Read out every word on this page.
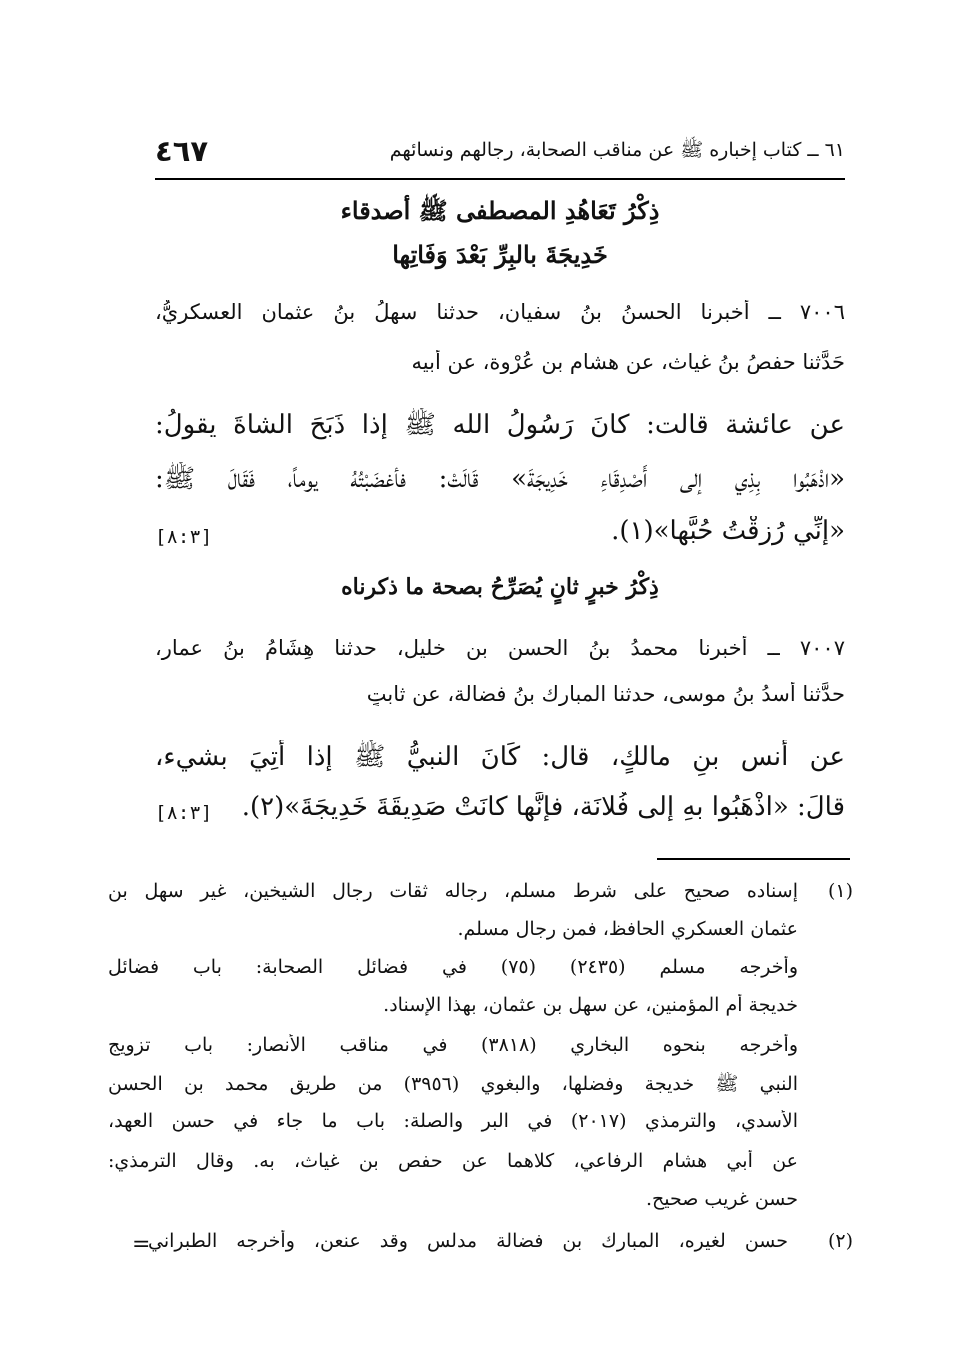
٤٦٧	٦١ ــ كتاب إخباره ﷺ عن مناقب الصحابة، رجالهم ونسائهم
ذِكْرُ تَعَاهُدِ المصطفى ﷺ أصدقاء
خَدِيجَةَ بالبِرِّ بَعْدَ وَفَاتِها
٧٠٠٦ ــ أخبرنا الحسنُ بنُ سفيان، حدثنا سهلُ بنُ عثمان العسكريُّ،
حَدَّثنا حفصُ بنُ غياث، عن هشام بنِ عُرْوة، عن أبيه
عن عائشة قالت: كانَ رَسُولُ الله ﷺ إذا ذَبَحَ الشاةَ يقولُ:
«اذْهَبُوا بِذِي إلى أَصْدِقَاءِ خَدِيجَةَ» قَالَتْ: فأغضَبْتُهُ يوماً، فَقَالَ ﷺ:
«إنِّي رُزِقْتُ حُبَّها»(١).
[٨:٣]
ذِكْرُ خبرٍ ثانٍ يُصَرِّحُ بصحة ما ذكرناه
٧٠٠٧ ــ أخبرنا محمدُ بنُ الحسن بن خليل، حدثنا هِشَامُ بنُ عمار،
حدَّثنا أسدُ بنُ موسى، حدثنا المبارك بنُ فضالة، عن ثابتٍ
عن أنس بنِ مالكٍ، قال: كَانَ النبيُّ ﷺ إذا أُتِيَ بشيء،
قالَ: «اذْهَبُوا بهِ إلى فُلانَة، فإنَّها كانَتْ صَدِيقَةَ خَدِيجَةَ»(٢).
[٨:٣]
(١)
إسناده صحيح على شرط مسلم، رجاله ثقات رجال الشيخين، غير سهل بن
عثمان العسكري الحافظ، فمن رجال مسلم.
وأخرجه مسلم (٢٤٣٥) (٧٥) في فضائل الصحابة: باب فضائل
خديجة أم المؤمنين، عن سهل بن عثمان، بهذا الإسناد.
وأخرجه بنحوه البخاري (٣٨١٨) في مناقب الأنصار: باب تزويج
النبي ﷺ خديجة وفضلها، والبغوي (٣٩٥٦) من طريق محمد بن الحسن
الأسدي، والترمذي (٢٠١٧) في البر والصلة: باب ما جاء في حسن العهد،
عن أبي هشام الرفاعي، كلاهما عن حفص بن غياث، به. وقال الترمذي:
حسن غريب صحيح.
(٢)
حسن لغيره، المبارك بن فضالة مدلس وقد عنعن، وأخرجه الطبراني
=
